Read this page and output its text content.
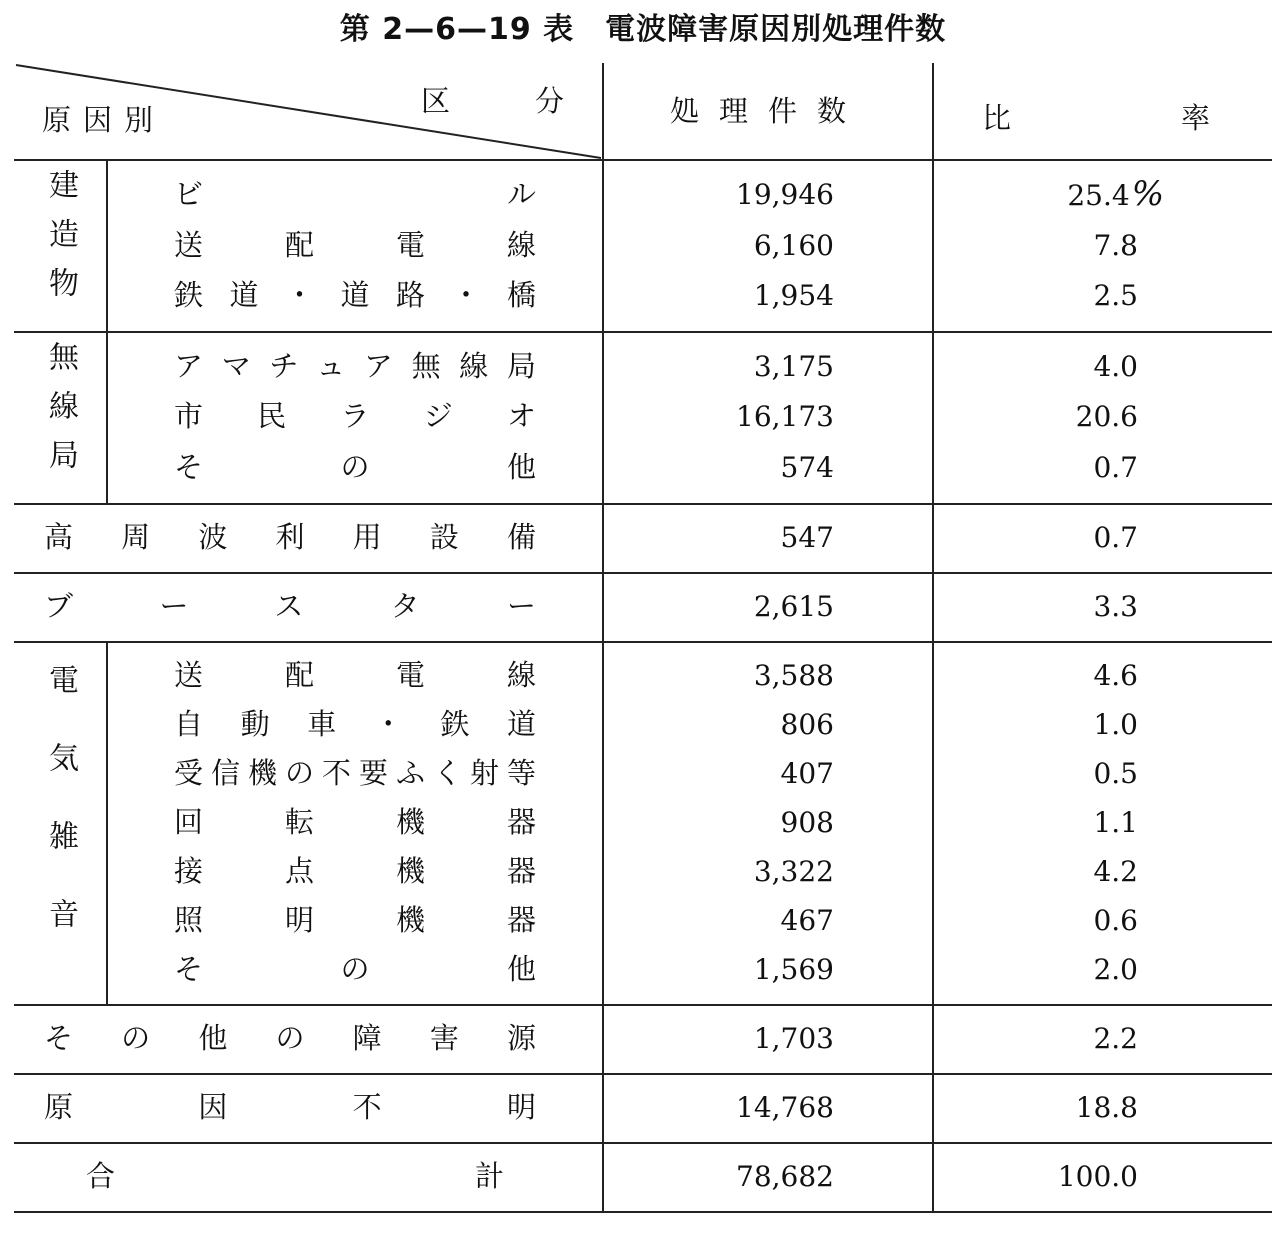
第 2—6—19 表　電波障害原因別処理件数
区　分
原因別		処理件数	比 率

建造物	ビル	19,946	25.4%
	送配電線	6,160	7.8
	鉄道・道路・橋	1,954	2.5
無線局	アマチュア無線局	3,175	4.0
	市民ラジオ	16,173	20.6
	その他	574	0.7
高周波利用設備		547	0.7
ブースター		2,615	3.3
電気雑音	送配電線	3,588	4.6
	自動車・鉄道	806	1.0
	受信機の不要ふく射等	407	0.5
	回転機器	908	1.1
	接点機器	3,322	4.2
	照明機器	467	0.6
	その他	1,569	2.0
その他の障害源		1,703	2.2
原因不明		14,768	18.8
合計		78,682	100.0
